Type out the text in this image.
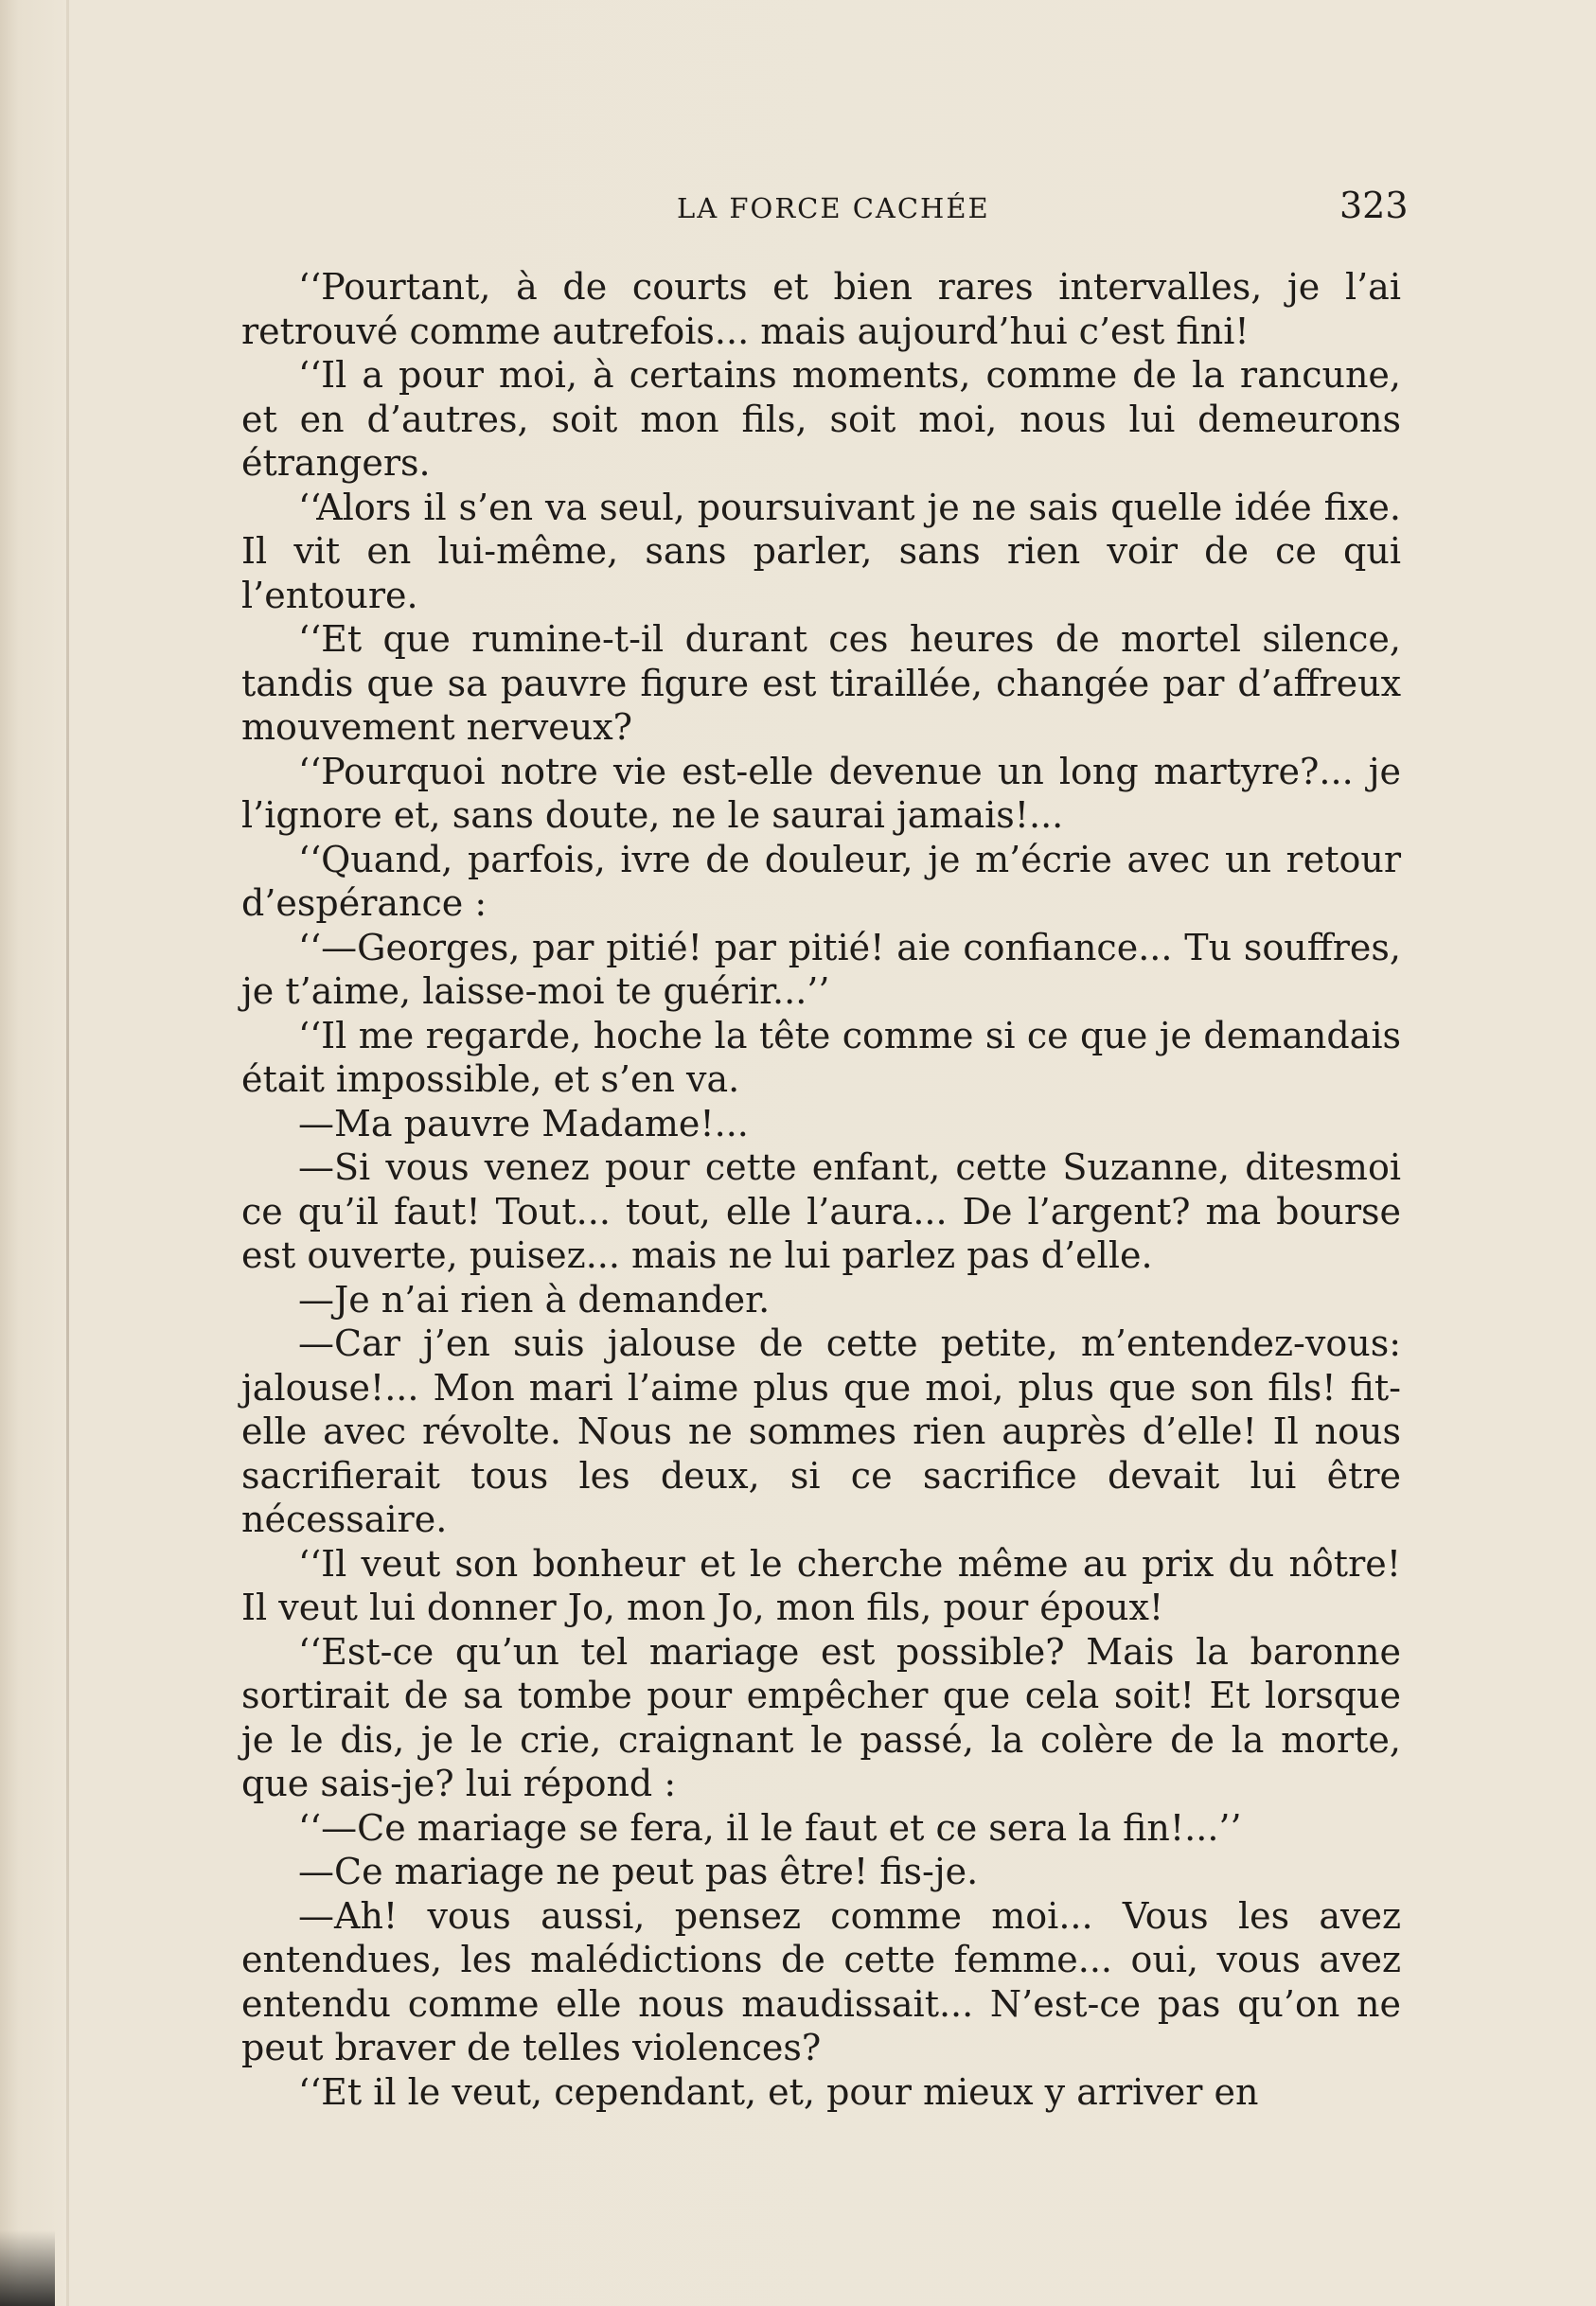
LA FORCE CACHÉE	323

‘‘Pourtant, à de courts et bien rares intervalles, je l’ai retrouvé comme autrefois... mais aujourd’hui c’est fini!

‘‘Il a pour moi, à certains moments, comme de la rancune, et en d’autres, soit mon fils, soit moi, nous lui demeurons étrangers.

‘‘Alors il s’en va seul, poursuivant je ne sais quelle idée fixe. Il vit en lui-même, sans parler, sans rien voir de ce qui l’entoure.

‘‘Et que rumine-t-il durant ces heures de mortel silence, tandis que sa pauvre figure est tiraillée, changée par d’affreux mouvement nerveux?

‘‘Pourquoi notre vie est-elle devenue un long martyre?... je l’ignore et, sans doute, ne le saurai jamais!...

‘‘Quand, parfois, ivre de douleur, je m’écrie avec un retour d’espérance :

‘‘—Georges, par pitié! par pitié! aie confiance... Tu souffres, je t’aime, laisse-moi te guérir...’’

‘‘Il me regarde, hoche la tête comme si ce que je demandais était impossible, et s’en va.

—Ma pauvre Madame!...

—Si vous venez pour cette enfant, cette Suzanne, ditesmoi ce qu’il faut! Tout... tout, elle l’aura... De l’argent? ma bourse est ouverte, puisez... mais ne lui parlez pas d’elle.

—Je n’ai rien à demander.

—Car j’en suis jalouse de cette petite, m’entendez-vous: jalouse!... Mon mari l’aime plus que moi, plus que son fils! fit-elle avec révolte. Nous ne sommes rien auprès d’elle! Il nous sacrifierait tous les deux, si ce sacrifice devait lui être nécessaire.

‘‘Il veut son bonheur et le cherche même au prix du nôtre! Il veut lui donner Jo, mon Jo, mon fils, pour époux!

‘‘Est-ce qu’un tel mariage est possible? Mais la baronne sortirait de sa tombe pour empêcher que cela soit! Et lorsque je le dis, je le crie, craignant le passé, la colère de la morte, que sais-je? lui répond :

‘‘—Ce mariage se fera, il le faut et ce sera la fin!...’’

—Ce mariage ne peut pas être! fis-je.

—Ah! vous aussi, pensez comme moi... Vous les avez entendues, les malédictions de cette femme... oui, vous avez entendu comme elle nous maudissait... N’est-ce pas qu’on ne peut braver de telles violences?

‘‘Et il le veut, cependant, et, pour mieux y arriver en
